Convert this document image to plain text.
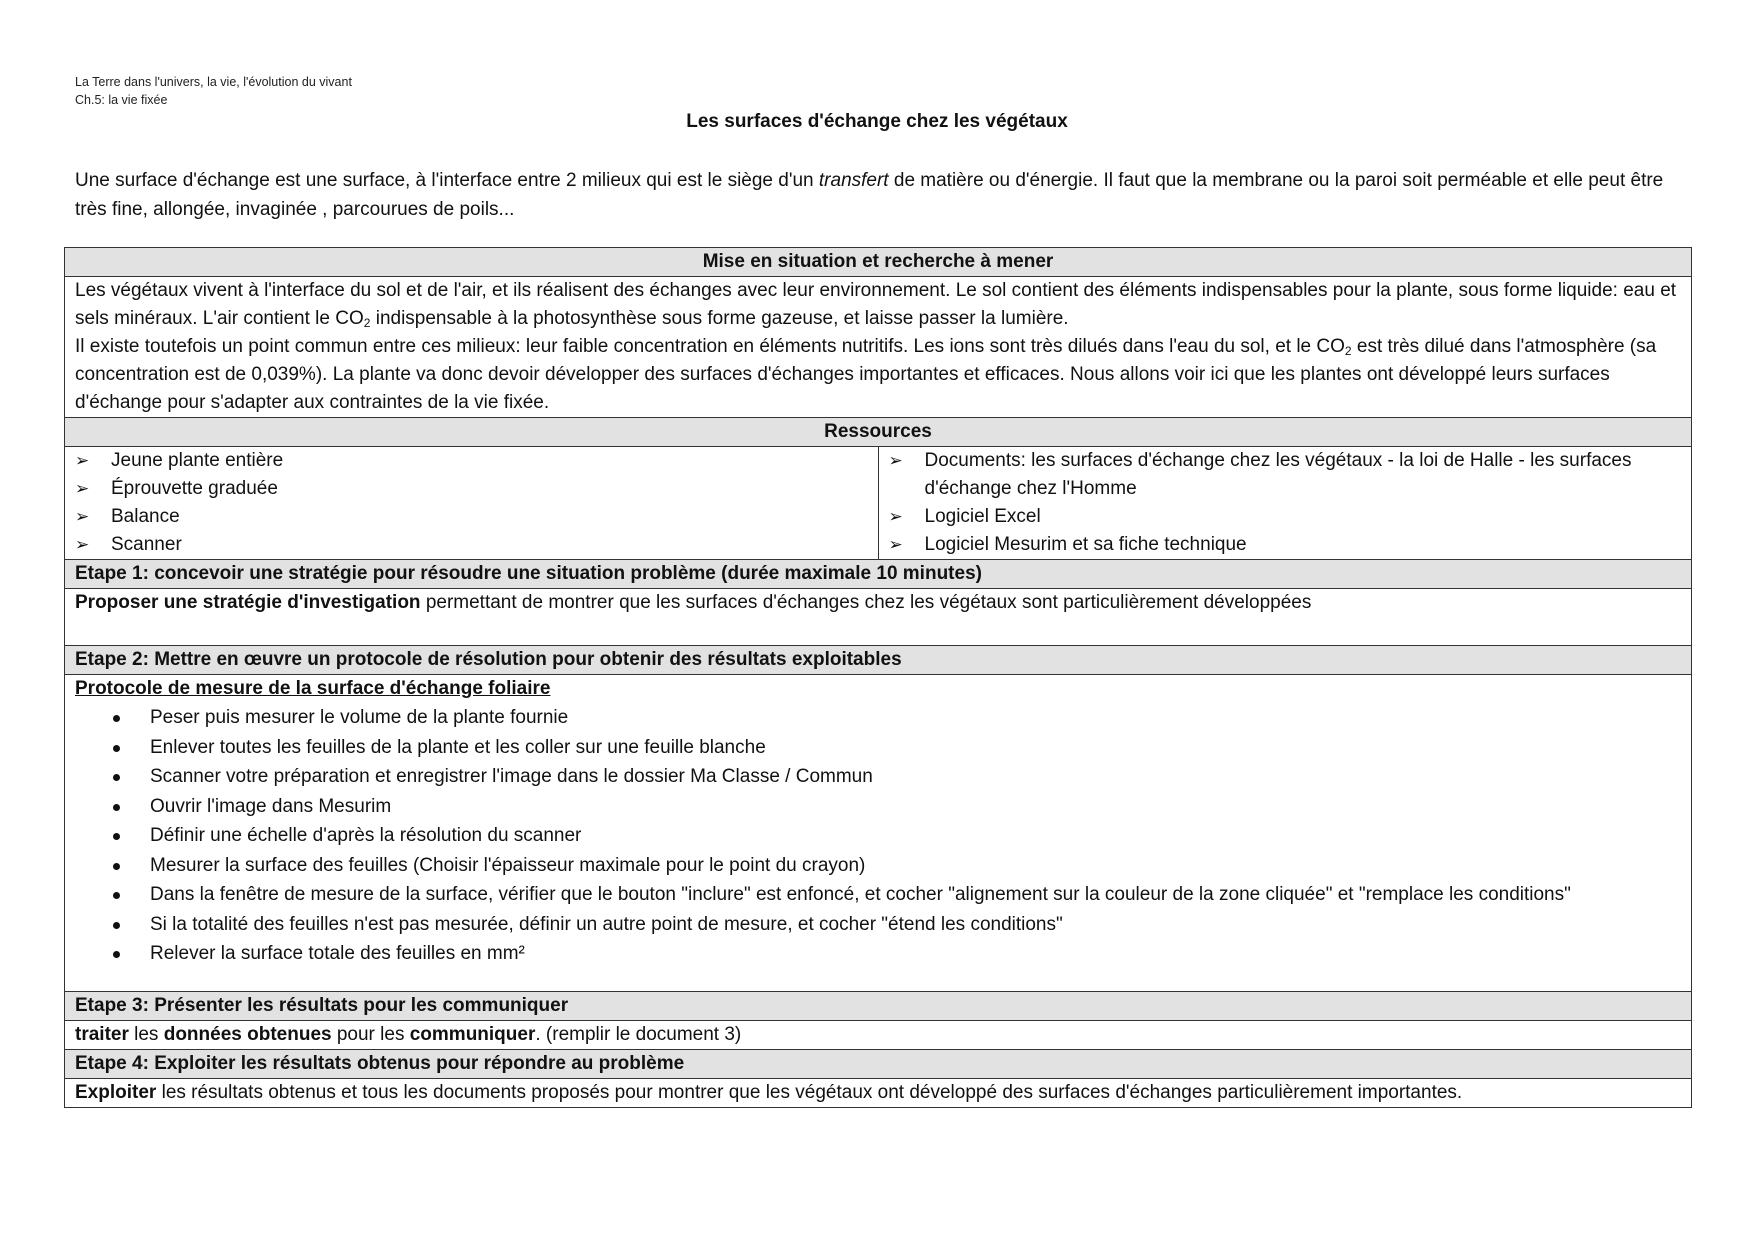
La Terre dans l'univers, la vie, l'évolution du vivant
Ch.5: la vie fixée
Les surfaces d'échange chez les végétaux
Une surface d'échange est une surface, à l'interface entre 2 milieux qui est le siège d'un transfert de matière ou d'énergie. Il faut que la membrane ou la paroi soit perméable et elle peut être très fine, allongée, invaginée , parcourues de poils...
Mise en situation et recherche à mener

Les végétaux vivent à l'interface du sol et de l'air, et ils réalisent des échanges avec leur environnement. Le sol contient des éléments indispensables pour la plante, sous forme liquide: eau et sels minéraux. L'air contient le $CO_2$ indispensable à la photosynthèse sous forme gazeuse, et laisse passer la lumière.
Il existe toutefois un point commun entre ces milieux: leur faible concentration en éléments nutritifs. Les ions sont très dilués dans l'eau du sol, et le $CO_2$ est très dilué dans l'atmosphère (sa concentration est de 0,039%). La plante va donc devoir développer des surfaces d'échanges importantes et efficaces. Nous allons voir ici que les plantes ont développé leurs surfaces d'échange pour s'adapter aux contraintes de la vie fixée.

Ressources

➢	Jeune plante entière
➢	Éprouvette graduée
➢	Balance
➢	Scanner

➢	Documents: les surfaces d'échange chez les végétaux - la loi de Halle - les surfaces d'échange chez l'Homme
➢	Logiciel Excel
➢	Logiciel Mesurim et sa fiche technique

Etape 1: concevoir une stratégie pour résoudre une situation problème (durée maximale 10 minutes)
Proposer une stratégie d'investigation permettant de montrer que les surfaces d'échanges chez les végétaux sont particulièrement développées
Etape 2: Mettre en œuvre un protocole de résolution pour obtenir des résultats exploitables

Protocole de mesure de la surface d'échange foliaire
Peser puis mesurer le volume de la plante fournie
Enlever toutes les feuilles de la plante et les coller sur une feuille blanche
Scanner votre préparation et enregistrer l'image dans le dossier Ma Classe / Commun
Ouvrir l'image dans Mesurim
Définir une échelle d'après la résolution du scanner
Mesurer la surface des feuilles (Choisir l'épaisseur maximale pour le point du crayon)
Dans la fenêtre de mesure de la surface, vérifier que le bouton "inclure" est enfoncé, et cocher "alignement sur la couleur de la zone cliquée" et "remplace les conditions"
Si la totalité des feuilles n'est pas mesurée, définir un autre point de mesure, et cocher "étend les conditions"
Relever la surface totale des feuilles en mm²

Etape 3: Présenter les résultats pour les communiquer
traiter les données obtenues pour les communiquer. (remplir le document 3)
Etape 4: Exploiter les résultats obtenus pour répondre au problème
Exploiter les résultats obtenus et tous les documents proposés pour montrer que les végétaux ont développé des surfaces d'échanges particulièrement importantes.
